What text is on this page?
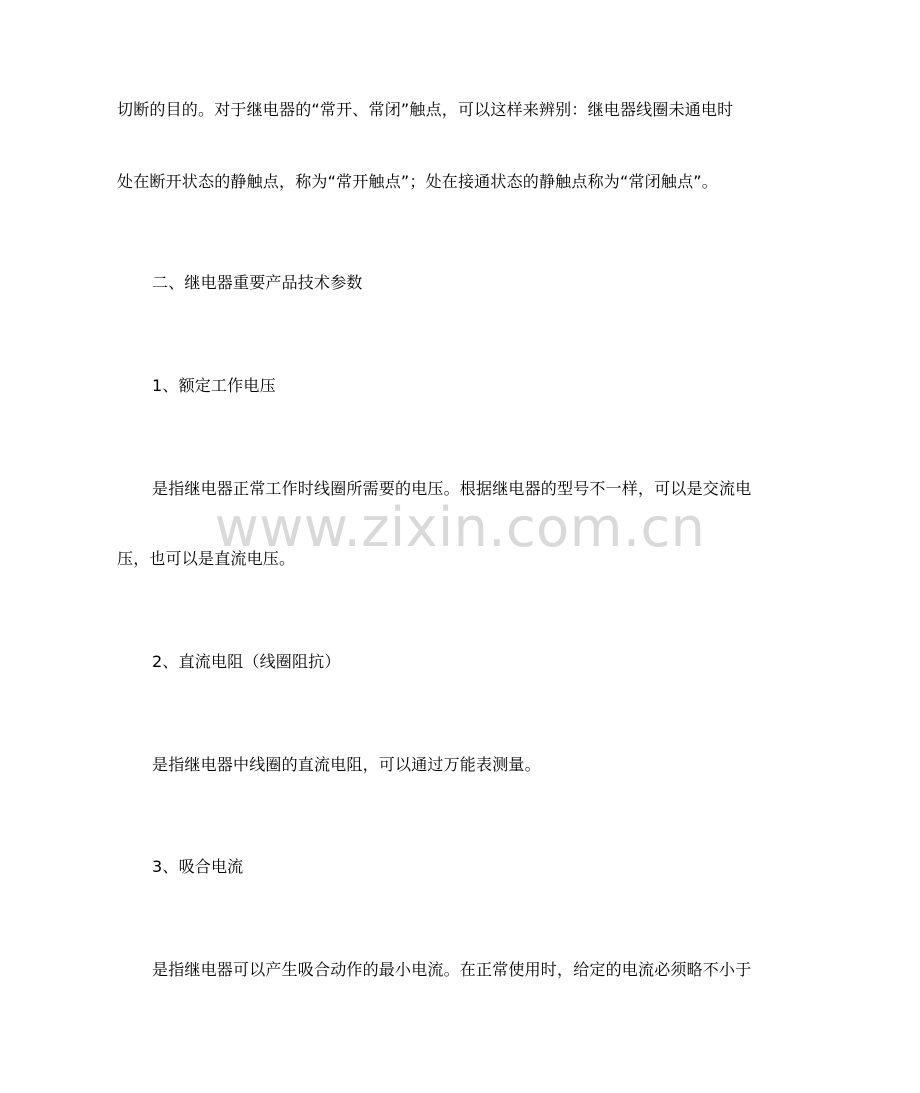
切断的目的。对于继电器的“常开、常闭”触点，可以这样来辨别：继电器线圈未通电时
处在断开状态的静触点，称为“常开触点”；处在接通状态的静触点称为“常闭触点”。
二、继电器重要产品技术参数
1、额定工作电压
是指继电器正常工作时线圈所需要的电压。根据继电器的型号不一样，可以是交流电
压，也可以是直流电压。
2、直流电阻（线圈阻抗）
是指继电器中线圈的直流电阻，可以通过万能表测量。
3、吸合电流
是指继电器可以产生吸合动作的最小电流。在正常使用时，给定的电流必须略不小于
www.zixin.com.cn
